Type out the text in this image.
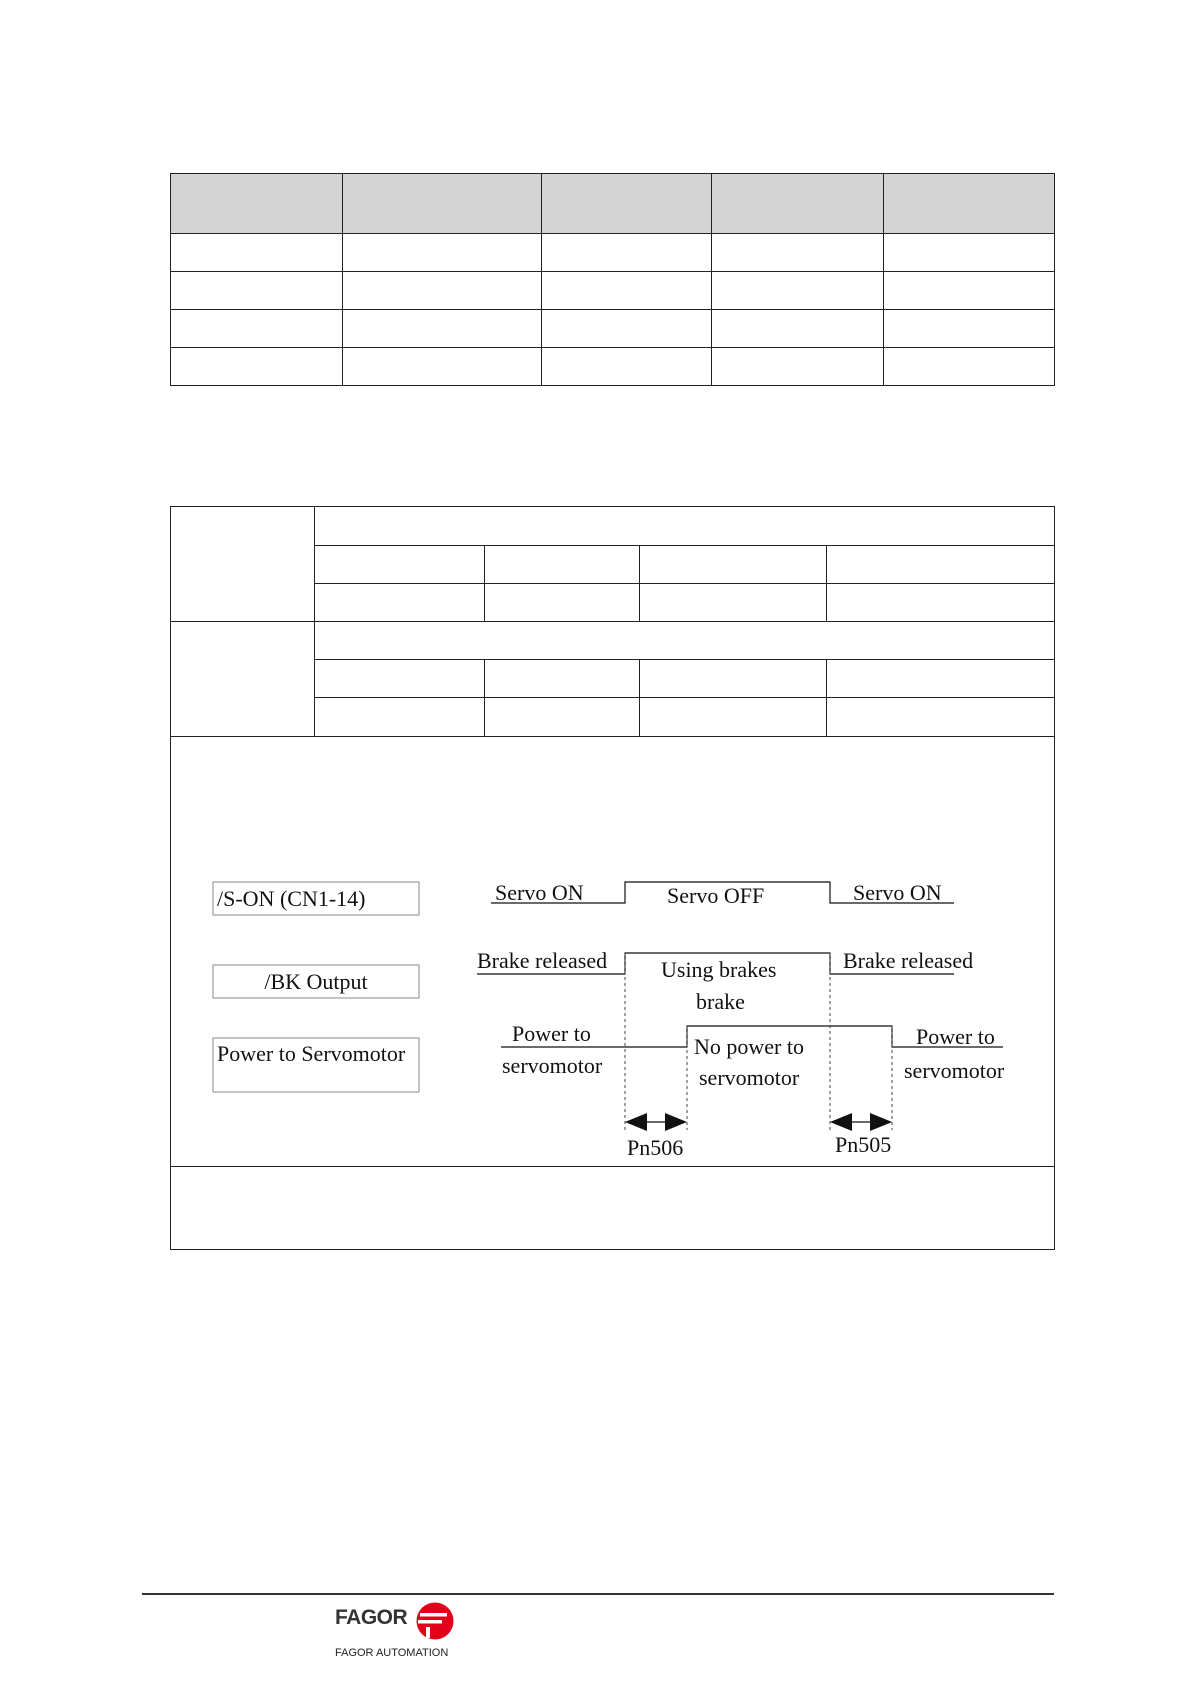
/S-ON (CN1-14)
/BK Output
Power to Servomotor
Servo ON	Servo OFF	Servo ON
Brake released Using brakes
brake
Brake released
Power to
servomotor
No power to
servomotor
Power to
servomotor
Pn506	Pn505
FAGOR
FAGOR AUTOMATION
